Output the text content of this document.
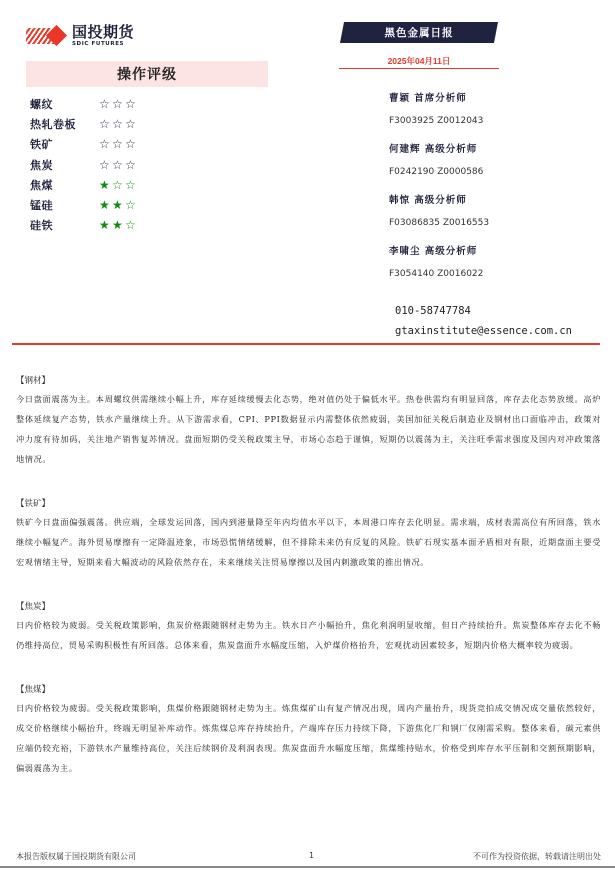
国投期货
SDIC FUTURES
黑色金属日报
2025年04月11日
操作评级
螺纹	☆ ☆ ☆
热轧卷板	☆ ☆ ☆
铁矿	☆ ☆ ☆
焦炭	☆ ☆ ☆
焦煤	★ ☆ ☆
锰硅	★ ★ ☆
硅铁	★ ★ ☆
曹颖 首席分析师
F3003925 Z0012043
何建辉 高级分析师
F0242190 Z0000586
韩惊 高级分析师
F03086835 Z0016553
李啸尘 高级分析师
F3054140 Z0016022
010-58747784
gtaxinstitute@essence.com.cn
【钢材】
今日盘面震荡为主。本周螺纹供需继续小幅上升，库存延续缓慢去化态势，绝对值仍处于偏低水平。热卷供需均有明显回落，库存去化态势放缓。高炉整体延续复产态势，铁水产量继续上升。从下游需求看，CPI、PPI数据显示内需整体依然疲弱，美国加征关税后制造业及钢材出口面临冲击，政策对冲力度有待加码，关注地产销售复苏情况。盘面短期仍受关税政策主导，市场心态趋于谨慎，短期仍以震荡为主，关注旺季需求强度及国内对冲政策落地情况。
【铁矿】
铁矿今日盘面偏强震荡。供应端，全球发运回落，国内到港量降至年内均值水平以下，本周港口库存去化明显。需求端，成材表需高位有所回落，铁水继续小幅复产。海外贸易摩擦有一定降温迹象，市场恐慌情绪缓解，但不排除未来仍有反复的风险。铁矿石现实基本面矛盾相对有限，近期盘面主要受宏观情绪主导，短期来看大幅波动的风险依然存在，未来继续关注贸易摩擦以及国内刺激政策的推出情况。
【焦炭】
日内价格较为疲弱。受关税政策影响，焦炭价格跟随钢材走势为主。铁水日产小幅抬升，焦化利润明显收缩，但日产持续抬升。焦炭整体库存去化不畅仍维持高位，贸易采购积极性有所回落。总体来看，焦炭盘面升水幅度压缩，入炉煤价格抬升，宏观扰动因素较多，短期内价格大概率较为疲弱。
【焦煤】
日内价格较为疲弱。受关税政策影响，焦煤价格跟随钢材走势为主。炼焦煤矿山有复产情况出现，周内产量抬升，现货竞拍成交情况成交量依然较好，成交价格继续小幅抬升，终端无明显补库动作。炼焦煤总库存持续抬升，产端库存压力持续下降，下游焦化厂和钢厂仅刚需采购。整体来看，碳元素供应端仍较充裕，下游铁水产量维持高位，关注后续钢价及利润表现。焦炭盘面升水幅度压缩，焦煤维持贴水，价格受到库存水平压制和交割预期影响，偏弱震荡为主。
本报告版权属于国投期货有限公司	1	不可作为投资依据，转载请注明出处
